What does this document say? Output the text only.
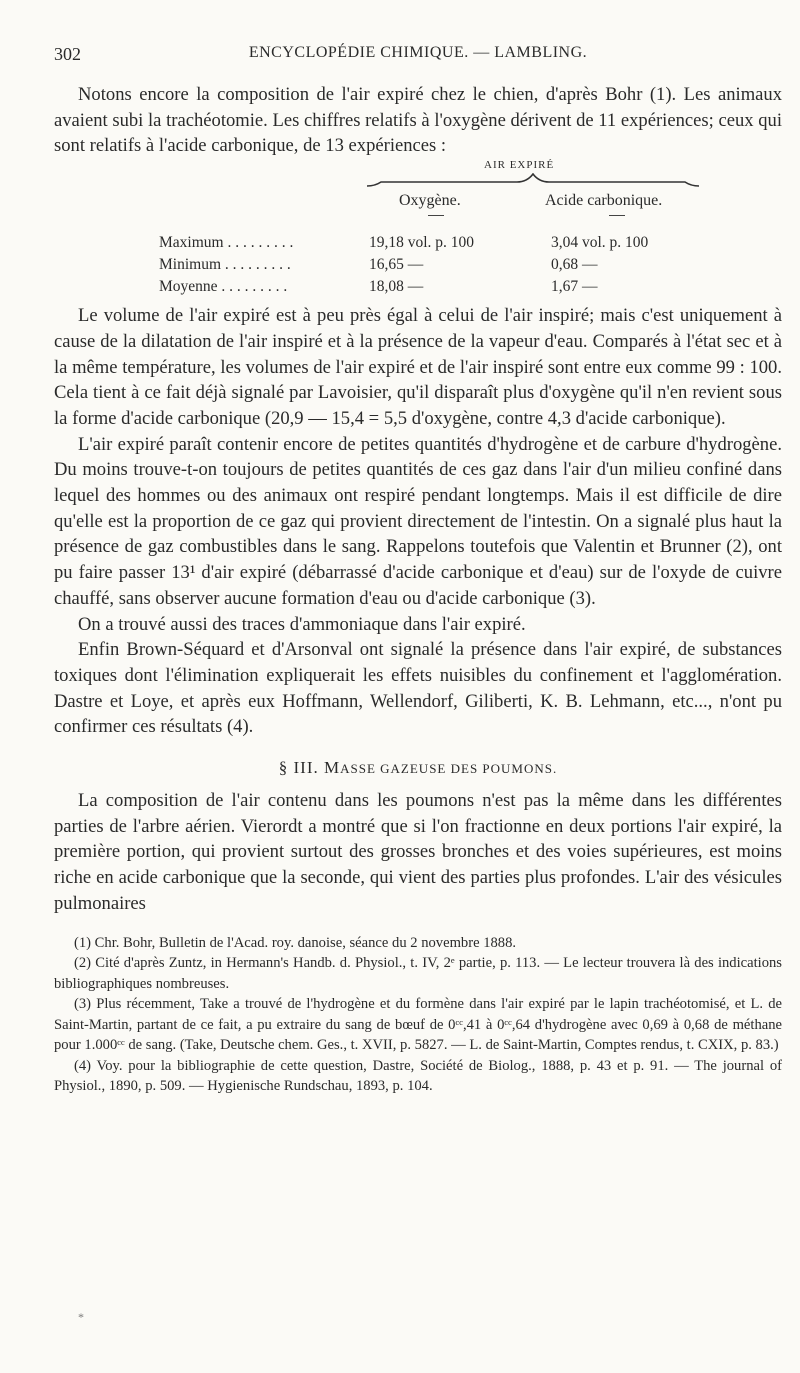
302	ENCYCLOPÉDIE CHIMIQUE. — LAMBLING.

Notons encore la composition de l'air expiré chez le chien, d'après Bohr (1). Les animaux avaient subi la trachéotomie. Les chiffres relatifs à l'oxygène dérivent de 11 expériences; ceux qui sont relatifs à l'acide carbonique, de 13 expériences :

AIR EXPIRÉ
Oxygène.	Acide carbonique.
Maximum . . . . . . . . .	19,18 vol. p. 100	3,04 vol. p. 100
Minimum . . . . . . . . .	16,65 —	0,68 —
Moyenne . . . . . . . . .	18,08 —	1,67 —

Le volume de l'air expiré est à peu près égal à celui de l'air inspiré; mais c'est uniquement à cause de la dilatation de l'air inspiré et à la présence de la vapeur d'eau. Comparés à l'état sec et à la même température, les volumes de l'air expiré et de l'air inspiré sont entre eux comme 99 : 100. Cela tient à ce fait déjà signalé par Lavoisier, qu'il disparaît plus d'oxygène qu'il n'en revient sous la forme d'acide carbonique (20,9 — 15,4 = 5,5 d'oxygène, contre 4,3 d'acide carbonique).

L'air expiré paraît contenir encore de petites quantités d'hydrogène et de carbure d'hydrogène. Du moins trouve-t-on toujours de petites quantités de ces gaz dans l'air d'un milieu confiné dans lequel des hommes ou des animaux ont respiré pendant longtemps. Mais il est difficile de dire qu'elle est la proportion de ce gaz qui provient directement de l'intestin. On a signalé plus haut la présence de gaz combustibles dans le sang. Rappelons toutefois que Valentin et Brunner (2), ont pu faire passer 13¹ d'air expiré (débarrassé d'acide carbonique et d'eau) sur de l'oxyde de cuivre chauffé, sans observer aucune formation d'eau ou d'acide carbonique (3).

On a trouvé aussi des traces d'ammoniaque dans l'air expiré.

Enfin Brown-Séquard et d'Arsonval ont signalé la présence dans l'air expiré, de substances toxiques dont l'élimination expliquerait les effets nuisibles du confinement et l'agglomération. Dastre et Loye, et après eux Hoffmann, Wellendorf, Giliberti, K. B. Lehmann, etc..., n'ont pu confirmer ces résultats (4).

§ III. MASSE GAZEUSE DES POUMONS.

La composition de l'air contenu dans les poumons n'est pas la même dans les différentes parties de l'arbre aérien. Vierordt a montré que si l'on fractionne en deux portions l'air expiré, la première portion, qui provient surtout des grosses bronches et des voies supérieures, est moins riche en acide carbonique que la seconde, qui vient des parties plus profondes. L'air des vésicules pulmonaires

(1) Chr. Bohr, Bulletin de l'Acad. roy. danoise, séance du 2 novembre 1888.

(2) Cité d'après Zuntz, in Hermann's Handb. d. Physiol., t. IV, 2ᵉ partie, p. 113. — Le lecteur trouvera là des indications bibliographiques nombreuses.

(3) Plus récemment, Take a trouvé de l'hydrogène et du formène dans l'air expiré par le lapin trachéotomisé, et L. de Saint-Martin, partant de ce fait, a pu extraire du sang de bœuf de 0ᶜᶜ,41 à 0ᶜᶜ,64 d'hydrogène avec 0,69 à 0,68 de méthane pour 1.000ᶜᶜ de sang. (Take, Deutsche chem. Ges., t. XVII, p. 5827. — L. de Saint-Martin, Comptes rendus, t. CXIX, p. 83.)

(4) Voy. pour la bibliographie de cette question, Dastre, Société de Biolog., 1888, p. 43 et p. 91. — The journal of Physiol., 1890, p. 509. — Hygienische Rundschau, 1893, p. 104.

*
